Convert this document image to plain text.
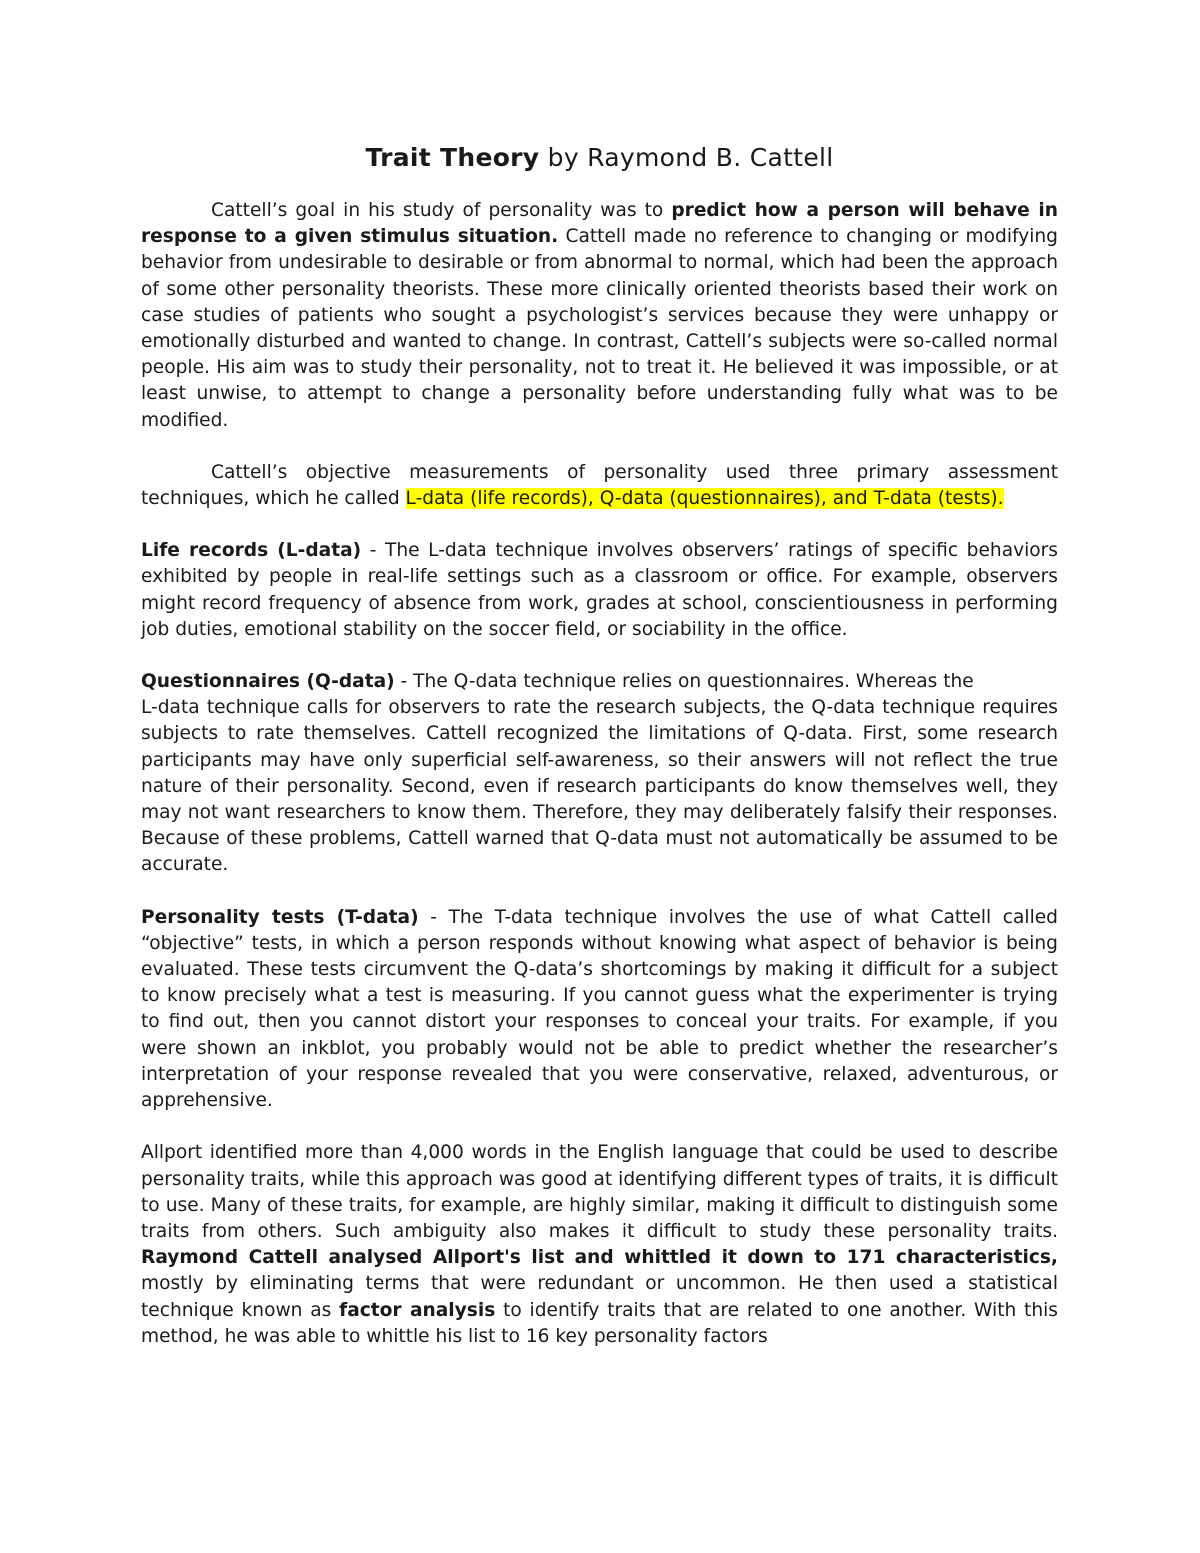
Trait Theory by Raymond B. Cattell

Cattell’s goal in his study of personality was to predict how a person will behave in response to a given stimulus situation. Cattell made no reference to changing or modifying behavior from undesirable to desirable or from abnormal to normal, which had been the approach of some other personality theorists. These more clinically oriented theorists based their work on case studies of patients who sought a psychologist’s services because they were unhappy or emotionally disturbed and wanted to change. In contrast, Cattell’s subjects were so-called normal people. His aim was to study their personality, not to treat it. He believed it was impossible, or at least unwise, to attempt to change a personality before understanding fully what was to be modified.

Cattell’s objective measurements of personality used three primary assessment techniques, which he called L-data (life records), Q-data (questionnaires), and T-data (tests).

Life records (L-data) - The L-data technique involves observers’ ratings of specific behaviors exhibited by people in real-life settings such as a classroom or office. For example, observers might record frequency of absence from work, grades at school, conscientiousness in performing job duties, emotional stability on the soccer field, or sociability in the office.

Questionnaires (Q-data) - The Q-data technique relies on questionnaires. Whereas the
L-data technique calls for observers to rate the research subjects, the Q-data technique requires subjects to rate themselves. Cattell recognized the limitations of Q-data. First, some research participants may have only superficial self-awareness, so their answers will not reflect the true nature of their personality. Second, even if research participants do know themselves well, they may not want researchers to know them. Therefore, they may deliberately falsify their responses. Because of these problems, Cattell warned that Q-data must not automatically be assumed to be accurate.

Personality tests (T-data) - The T-data technique involves the use of what Cattell called “objective” tests, in which a person responds without knowing what aspect of behavior is being evaluated. These tests circumvent the Q-data’s shortcomings by making it difficult for a subject to know precisely what a test is measuring. If you cannot guess what the experimenter is trying to find out, then you cannot distort your responses to conceal your traits. For example, if you were shown an inkblot, you probably would not be able to predict whether the researcher’s interpretation of your response revealed that you were conservative, relaxed, adventurous, or apprehensive.

Allport identified more than 4,000 words in the English language that could be used to describe personality traits, while this approach was good at identifying different types of traits, it is difficult to use. Many of these traits, for example, are highly similar, making it difficult to distinguish some traits from others. Such ambiguity also makes it difficult to study these personality traits. Raymond Cattell analysed Allport's list and whittled it down to 171 characteristics, mostly by eliminating terms that were redundant or uncommon. He then used a statistical technique known as factor analysis to identify traits that are related to one another. With this method, he was able to whittle his list to 16 key personality factors
